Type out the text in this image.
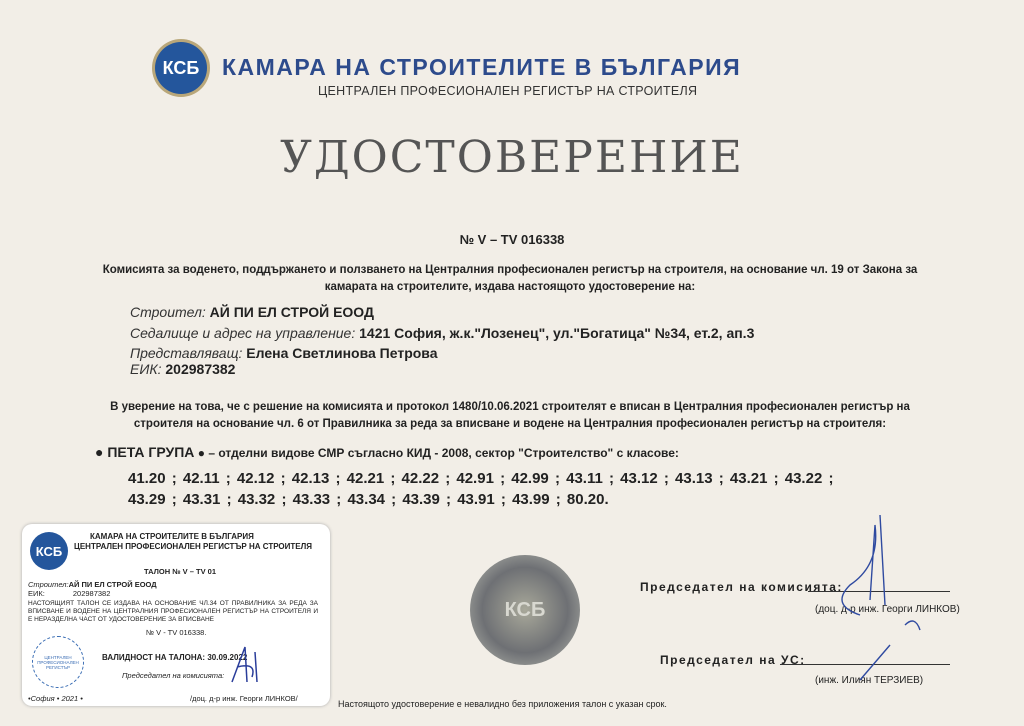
КСБ КАМАРА НА СТРОИТЕЛИТЕ В БЪЛГАРИЯ
ЦЕНТРАЛЕН ПРОФЕСИОНАЛЕН РЕГИСТЪР НА СТРОИТЕЛЯ
УДОСТОВЕРЕНИЕ
№ V – TV 016338
Комисията за воденето, поддържането и ползването на Централния професионален регистър на строителя, на основание чл. 19 от Закона за камарата на строителите, издава настоящото удостоверение на:
Строител: АЙ ПИ ЕЛ СТРОЙ ЕООД
Седалище и адрес на управление: 1421 София, ж.к."Лозенец", ул."Богатица" №34, ет.2, ап.3
Представляващ: Елена Светлинова Петрова
ЕИК: 202987382
В уверение на това, че с решение на комисията и протокол 1480/10.06.2021 строителят е вписан в Централния професионален регистър на строителя на основание чл. 6 от Правилника за реда за вписване и водене на Централния професионален регистър на строителя:
● ПЕТА ГРУПА ● – отделни видове СМР съгласно КИД - 2008, сектор "Строителство" с класове:
41.20 ; 42.11 ; 42.12 ; 42.13 ; 42.21 ; 42.22 ; 42.91 ; 42.99 ; 43.11 ; 43.12 ; 43.13 ; 43.21 ; 43.22 ;
43.29 ; 43.31 ; 43.32 ; 43.33 ; 43.34 ; 43.39 ; 43.91 ; 43.99 ; 80.20.
КСБ
КАМАРА НА СТРОИТЕЛИТЕ В БЪЛГАРИЯ
ЦЕНТРАЛЕН ПРОФЕСИОНАЛЕН РЕГИСТЪР НА СТРОИТЕЛЯ
ТАЛОН № V – TV 01
Строител:АЙ ПИ ЕЛ СТРОЙ ЕООД
ЕИК:	202987382
НАСТОЯЩИЯТ ТАЛОН СЕ ИЗДАВА НА ОСНОВАНИЕ ЧЛ.34 ОТ ПРАВИЛНИКА ЗА РЕДА ЗА ВПИСВАНЕ И ВОДЕНЕ НА ЦЕНТРАЛНИЯ ПРОФЕСИОНАЛЕН РЕГИСТЪР НА СТРОИТЕЛЯ И Е НЕРАЗДЕЛНА ЧАСТ ОТ УДОСТОВЕРЕНИЕ ЗА ВПИСВАНЕ
№ V - TV 016338.
ЦЕНТРАЛЕН ПРОФЕСИОНАЛЕН РЕГИСТЪР
ВАЛИДНОСТ НА ТАЛОНА: 30.09.2022
Председател на комисията:
/доц. д-р инж. Георги ЛИНКОВ/
•София • 2021 •
КСБ
Председател на комисията:
(доц. д-р инж. Георги ЛИНКОВ)
Председател на УС:
(инж. Илиян ТЕРЗИЕВ)
Настоящото удостоверение е невалидно без приложения талон с указан срок.
